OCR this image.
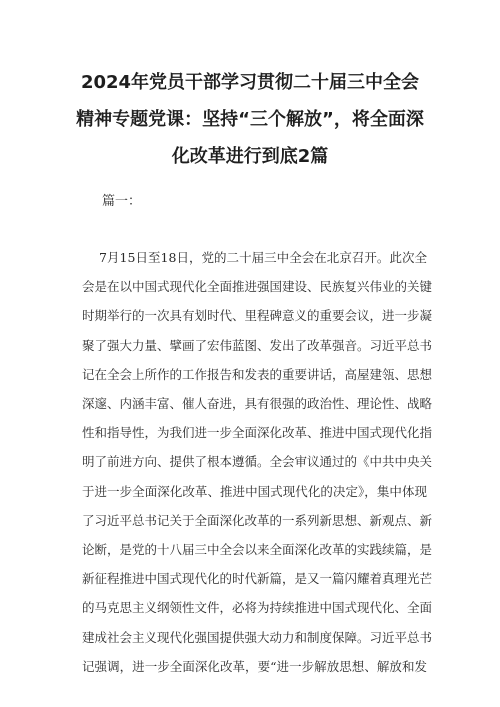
2024年党员干部学习贯彻二十届三中全会
精神专题党课：坚持“三个解放”，将全面深
化改革进行到底2篇

篇一：

7月15日至18日，党的二十届三中全会在北京召开。此次全
会是在以中国式现代化全面推进强国建设、民族复兴伟业的关键
时期举行的一次具有划时代、里程碑意义的重要会议，进一步凝
聚了强大力量、擘画了宏伟蓝图、发出了改革强音。习近平总书
记在全会上所作的工作报告和发表的重要讲话，高屋建瓴、思想
深邃、内涵丰富、催人奋进，具有很强的政治性、理论性、战略
性和指导性，为我们进一步全面深化改革、推进中国式现代化指
明了前进方向、提供了根本遵循。全会审议通过的《中共中央关
于进一步全面深化改革、推进中国式现代化的决定》，集中体现
了习近平总书记关于全面深化改革的一系列新思想、新观点、新
论断，是党的十八届三中全会以来全面深化改革的实践续篇，是
新征程推进中国式现代化的时代新篇，是又一篇闪耀着真理光芒
的马克思主义纲领性文件，必将为持续推进中国式现代化、全面
建成社会主义现代化强国提供强大动力和制度保障。习近平总书
记强调，进一步全面深化改革，要“进一步解放思想、解放和发
